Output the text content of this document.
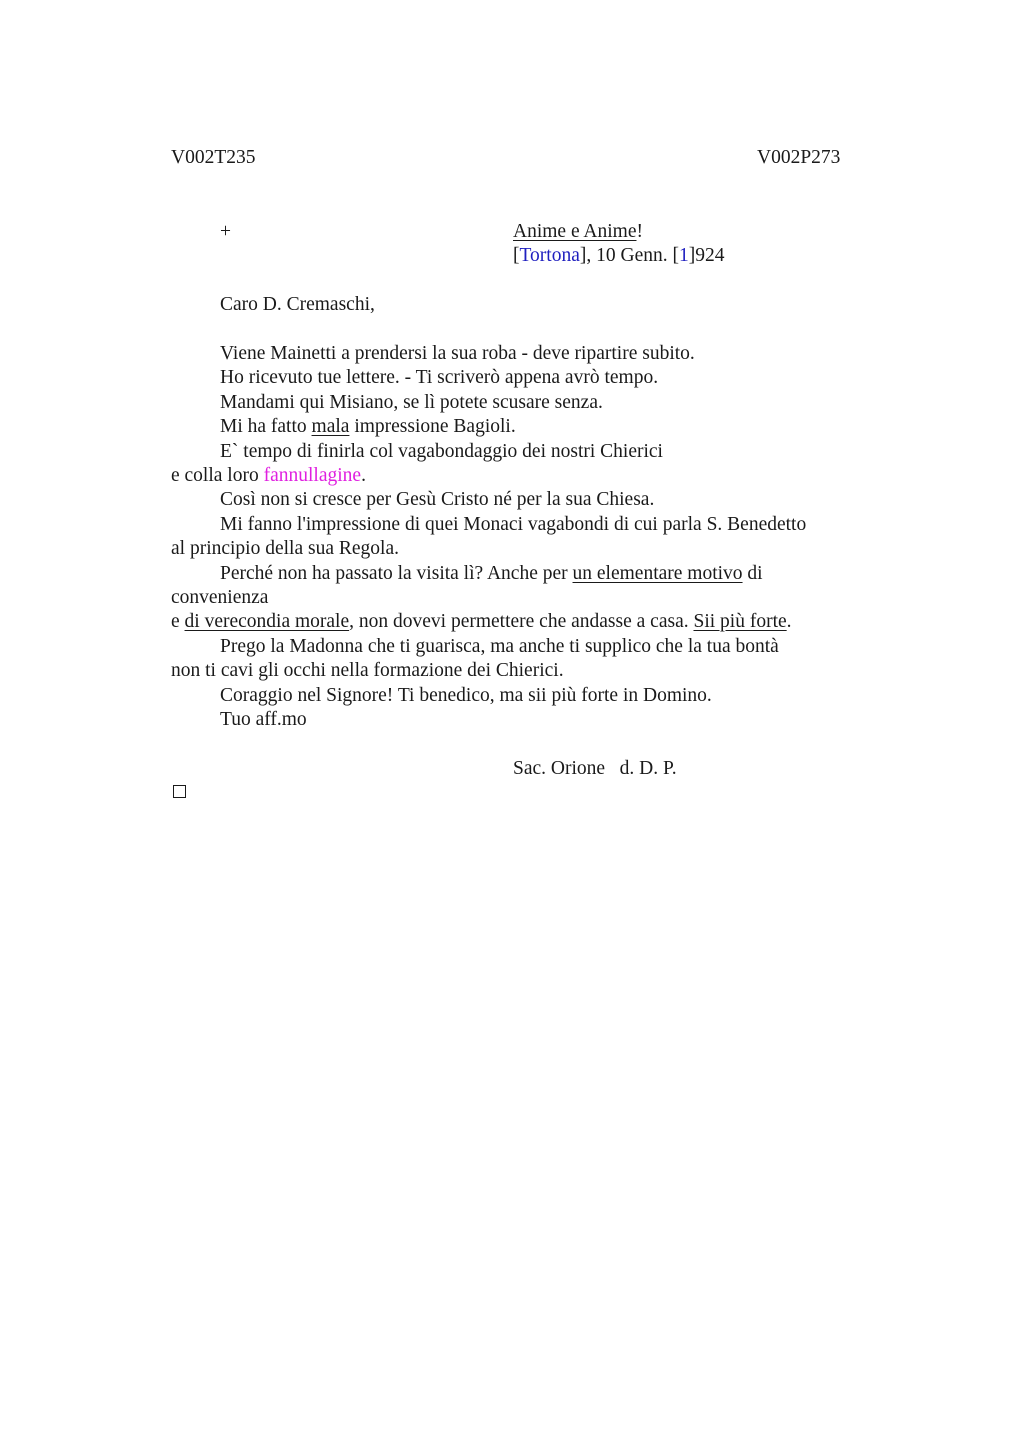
V002T235	V002P273
+	Anime e Anime!
[Tortona], 10 Genn. [1]924
Caro D. Cremaschi,
Viene Mainetti a prendersi la sua roba - deve ripartire subito.
Ho ricevuto tue lettere. - Ti scriverò appena avrò tempo.
Mandami qui Misiano, se lì potete scusare senza.
Mi ha fatto mala impressione Bagioli.
E` tempo di finirla col vagabondaggio dei nostri Chierici
e colla loro fannullagine.
Così non si cresce per Gesù Cristo né per la sua Chiesa.
Mi fanno l'impressione di quei Monaci vagabondi di cui parla S. Benedetto
al principio della sua Regola.
Perché non ha passato la visita lì? Anche per un elementare motivo di
convenienza
e di verecondia morale, non dovevi permettere che andasse a casa. Sii più forte.
Prego la Madonna che ti guarisca, ma anche ti supplico che la tua bontà
non ti cavi gli occhi nella formazione dei Chierici.
Coraggio nel Signore! Ti benedico, ma sii più forte in Domino.
Tuo aff.mo
Sac. Orione   d. D. P.
